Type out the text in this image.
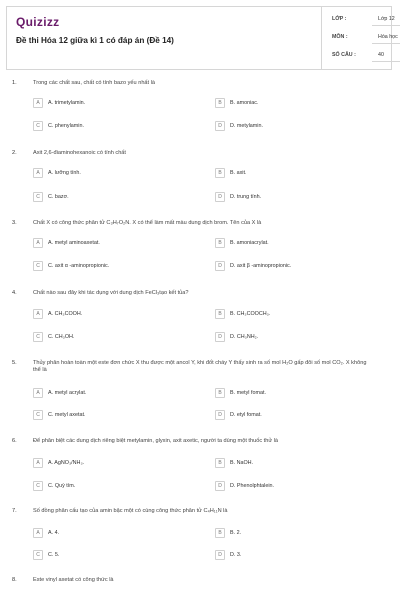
Quizizz
Đề thi Hóa 12 giữa kì 1 có đáp án (Đề 14)
LỚP :	Lớp 12
MÔN :	Hóa học
SỐ CÂU :	40
1.	Trong các chất sau, chất có tính bazo yếu nhất là
A	A. trimetylamin.	B	B. amoniac.
C	C. phenylamin.	D	D. metylamin.
2.	Axit 2,6-điaminohexanoic có tính chất
A	A. lưỡng tính.	B	B. axit.
C	C. bazơ.	D	D. trung tính.
3.	Chất X có công thức phân tử C₃H₇O₂N. X có thể làm mất màu dung dịch brom. Tên của X là
A	A. metyl aminoaxetat.	B	B. amoniacrylat.
C	C. axit α -aminopropionic.	D	D. axit β -aminopropionic.
4.	Chất nào sau đây khi tác dụng với dung dịch FeCl₃tạo kết tủa?
A	A. CH₃COOH.	B	B. CH₃COOCH₃.
C	C. CH₃OH.	D	D. CH₃NH₂.
5.	Thủy phân hoàn toàn một este đơn chức X thu được một ancol Y, khi đốt cháy Y thấy sinh ra số mol H₂O gấp đôi số mol CO₂. X không thể là
A	A. metyl acrylat.	B	B. metyl fomat.
C	C. metyl axetat.	D	D. etyl fomat.
6.	Để phân biệt các dung dịch riêng biệt metylamin, glyxin, axit axetic, người ta dùng một thuốc thử là
A	A. AgNO₃/NH₃.	B	B. NaOH.
C	C. Quỳ tím.	D	D. Phenolphtalein.
7.	Số đồng phân cấu tạo của amin bậc một có cùng công thức phân tử C₄H₁₁N là
A	A. 4.	B	B. 2.
C	C. 5.	D	D. 3.
8.	Este vinyl axetat có công thức là
